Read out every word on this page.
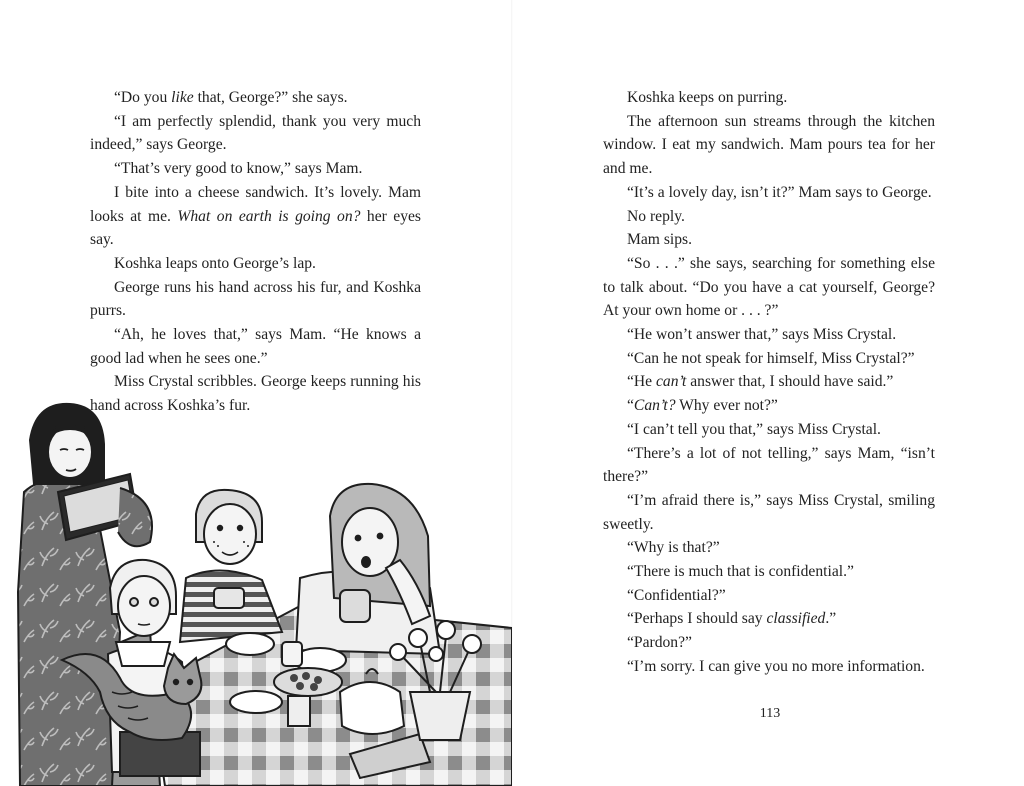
“Do you like that, George?” she says.

“I am perfectly splendid, thank you very much indeed,” says George.

“That’s very good to know,” says Mam.

I bite into a cheese sandwich. It’s lovely. Mam looks at me. What on earth is going on? her eyes say.

Koshka leaps onto George’s lap.

George runs his hand across his fur, and Koshka purrs.

“Ah, he loves that,” says Mam. “He knows a good lad when he sees one.”

Miss Crystal scribbles. George keeps running his hand across Koshka’s fur.

Koshka keeps on purring.

The afternoon sun streams through the kitchen window. I eat my sandwich. Mam pours tea for her and me.

“It’s a lovely day, isn’t it?” Mam says to George.

No reply.

Mam sips.

“So . . .” she says, searching for something else to talk about. “Do you have a cat yourself, George? At your own home or . . . ?”

“He won’t answer that,” says Miss Crystal.

“Can he not speak for himself, Miss Crystal?”

“He can’t answer that, I should have said.”

“Can’t? Why ever not?”

“I can’t tell you that,” says Miss Crystal.

“There’s a lot of not telling,” says Mam, “isn’t there?”

“I’m afraid there is,” says Miss Crystal, smiling sweetly.

“Why is that?”

“There is much that is confidential.”

“Confidential?”

“Perhaps I should say classified.”

“Pardon?”

“I’m sorry. I can give you no more information.

113
